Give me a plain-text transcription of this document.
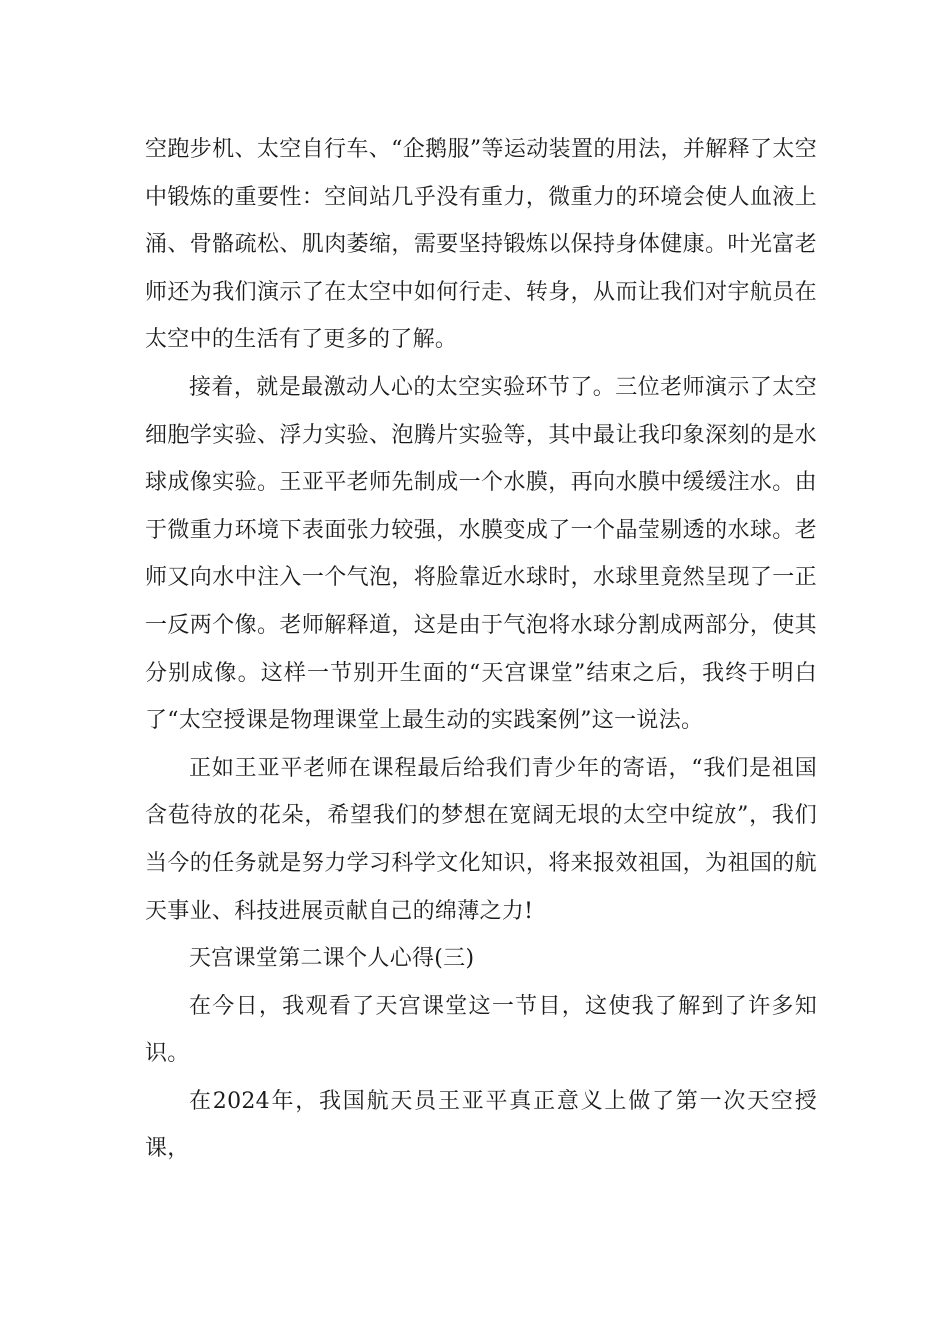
空跑步机、太空自行车、“企鹅服”等运动装置的用法，并解释了太空中锻炼的重要性：空间站几乎没有重力，微重力的环境会使人血液上涌、骨骼疏松、肌肉萎缩，需要坚持锻炼以保持身体健康。叶光富老师还为我们演示了在太空中如何行走、转身，从而让我们对宇航员在太空中的生活有了更多的了解。

接着，就是最激动人心的太空实验环节了。三位老师演示了太空细胞学实验、浮力实验、泡腾片实验等，其中最让我印象深刻的是水球成像实验。王亚平老师先制成一个水膜，再向水膜中缓缓注水。由于微重力环境下表面张力较强，水膜变成了一个晶莹剔透的水球。老师又向水中注入一个气泡，将脸靠近水球时，水球里竟然呈现了一正一反两个像。老师解释道，这是由于气泡将水球分割成两部分，使其分别成像。这样一节别开生面的“天宫课堂”结束之后，我终于明白了“太空授课是物理课堂上最生动的实践案例”这一说法。

正如王亚平老师在课程最后给我们青少年的寄语，“我们是祖国含苞待放的花朵，希望我们的梦想在宽阔无垠的太空中绽放”，我们当今的任务就是努力学习科学文化知识，将来报效祖国，为祖国的航天事业、科技进展贡献自己的绵薄之力!

天宫课堂第二课个人心得(三)

在今日，我观看了天宫课堂这一节目，这使我了解到了许多知识。

在2024年，我国航天员王亚平真正意义上做了第一次天空授课，
